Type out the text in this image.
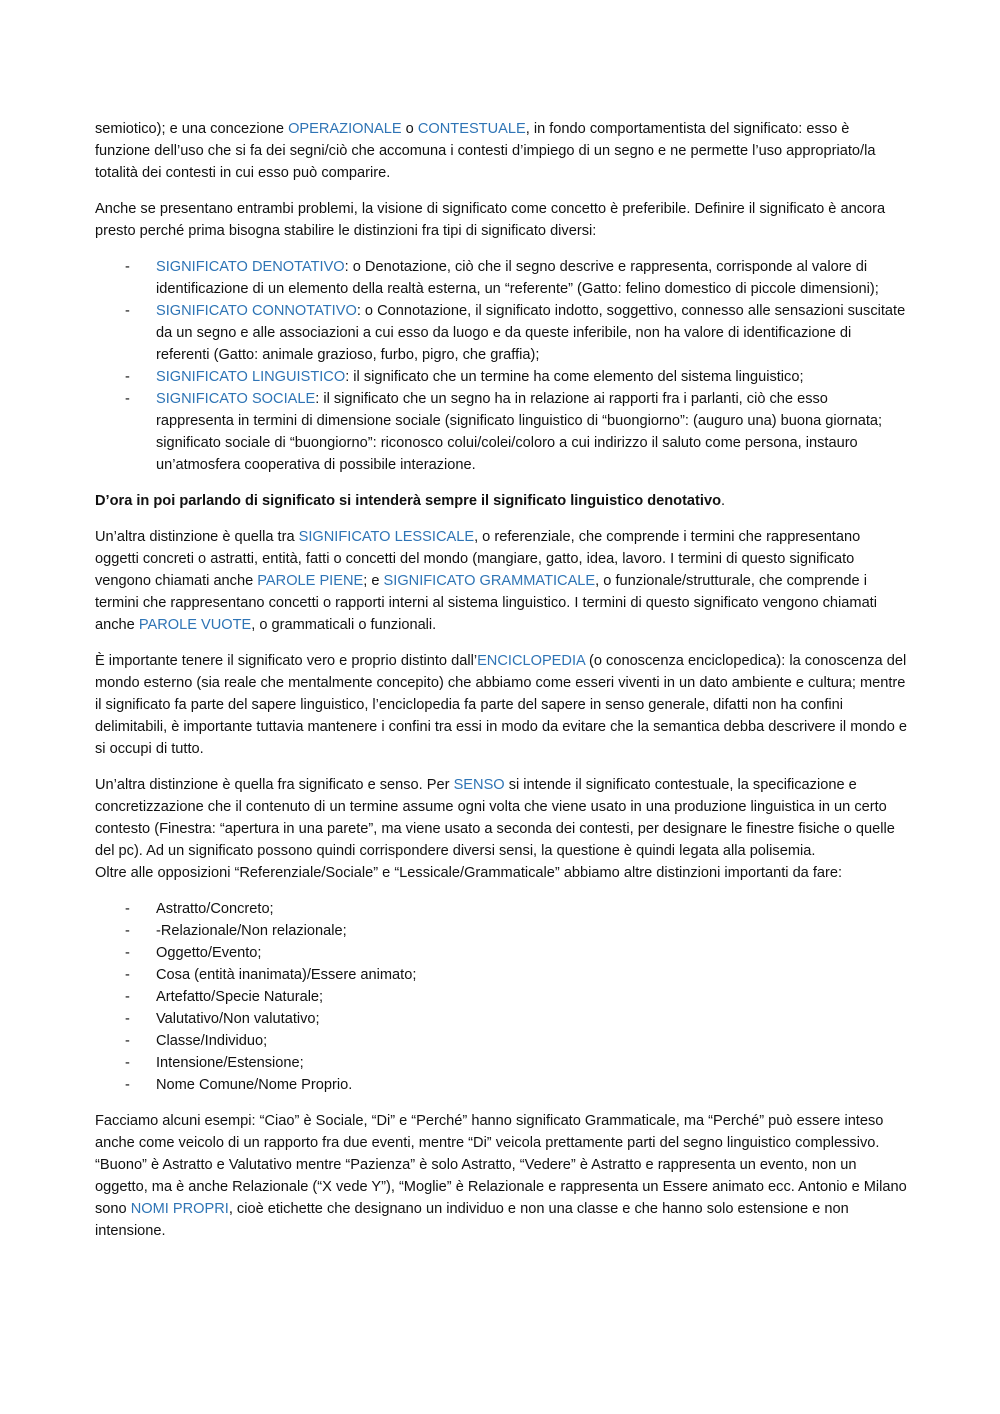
semiotico); e una concezione OPERAZIONALE o CONTESTUALE, in fondo comportamentista del significato: esso è funzione dell’uso che si fa dei segni/ciò che accomuna i contesti d’impiego di un segno e ne permette l’uso appropriato/la totalità dei contesti in cui esso può comparire.

Anche se presentano entrambi problemi, la visione di significato come concetto è preferibile. Definire il significato è ancora presto perché prima bisogna stabilire le distinzioni fra tipi di significato diversi:

- SIGNIFICATO DENOTATIVO: o Denotazione, ciò che il segno descrive e rappresenta, corrisponde al valore di identificazione di un elemento della realtà esterna, un “referente” (Gatto: felino domestico di piccole dimensioni);
- SIGNIFICATO CONNOTATIVO: o Connotazione, il significato indotto, soggettivo, connesso alle sensazioni suscitate da un segno e alle associazioni a cui esso da luogo e da queste inferibile, non ha valore di identificazione di referenti (Gatto: animale grazioso, furbo, pigro, che graffia);
- SIGNIFICATO LINGUISTICO: il significato che un termine ha come elemento del sistema linguistico;
- SIGNIFICATO SOCIALE: il significato che un segno ha in relazione ai rapporti fra i parlanti, ciò che esso rappresenta in termini di dimensione sociale (significato linguistico di “buongiorno”: (auguro una) buona giornata; significato sociale di “buongiorno”: riconosco colui/colei/coloro a cui indirizzo il saluto come persona, instauro un’atmosfera cooperativa di possibile interazione.

D’ora in poi parlando di significato si intenderà sempre il significato linguistico denotativo.

Un’altra distinzione è quella tra SIGNIFICATO LESSICALE, o referenziale, che comprende i termini che rappresentano oggetti concreti o astratti, entità, fatti o concetti del mondo (mangiare, gatto, idea, lavoro. I termini di questo significato vengono chiamati anche PAROLE PIENE; e SIGNIFICATO GRAMMATICALE, o funzionale/strutturale, che comprende i termini che rappresentano concetti o rapporti interni al sistema linguistico. I termini di questo significato vengono chiamati anche PAROLE VUOTE, o grammaticali o funzionali.

È importante tenere il significato vero e proprio distinto dall’ENCICLOPEDIA (o conoscenza enciclopedica): la conoscenza del mondo esterno (sia reale che mentalmente concepito) che abbiamo come esseri viventi in un dato ambiente e cultura; mentre il significato fa parte del sapere linguistico, l’enciclopedia fa parte del sapere in senso generale, difatti non ha confini delimitabili, è importante tuttavia mantenere i confini tra essi in modo da evitare che la semantica debba descrivere il mondo e si occupi di tutto.

Un’altra distinzione è quella fra significato e senso. Per SENSO si intende il significato contestuale, la specificazione e concretizzazione che il contenuto di un termine assume ogni volta che viene usato in una produzione linguistica in un certo contesto (Finestra: “apertura in una parete”, ma viene usato a seconda dei contesti, per designare le finestre fisiche o quelle del pc). Ad un significato possono quindi corrispondere diversi sensi, la questione è quindi legata alla polisemia.

Oltre alle opposizioni “Referenziale/Sociale” e “Lessicale/Grammaticale” abbiamo altre distinzioni importanti da fare:

- Astratto/Concreto;
- -Relazionale/Non relazionale;
- Oggetto/Evento;
- Cosa (entità inanimata)/Essere animato;
- Artefatto/Specie Naturale;
- Valutativo/Non valutativo;
- Classe/Individuo;
- Intensione/Estensione;
- Nome Comune/Nome Proprio.

Facciamo alcuni esempi: “Ciao” è Sociale, “Di” e “Perché” hanno significato Grammaticale, ma “Perché” può essere inteso anche come veicolo di un rapporto fra due eventi, mentre “Di” veicola prettamente parti del segno linguistico complessivo. “Buono” è Astratto e Valutativo mentre “Pazienza” è solo Astratto, “Vedere” è Astratto e rappresenta un evento, non un oggetto, ma è anche Relazionale (“X vede Y”), “Moglie” è Relazionale e rappresenta un Essere animato ecc. Antonio e Milano sono NOMI PROPRI, cioè etichette che designano un individuo e non una classe e che hanno solo estensione e non intensione.
